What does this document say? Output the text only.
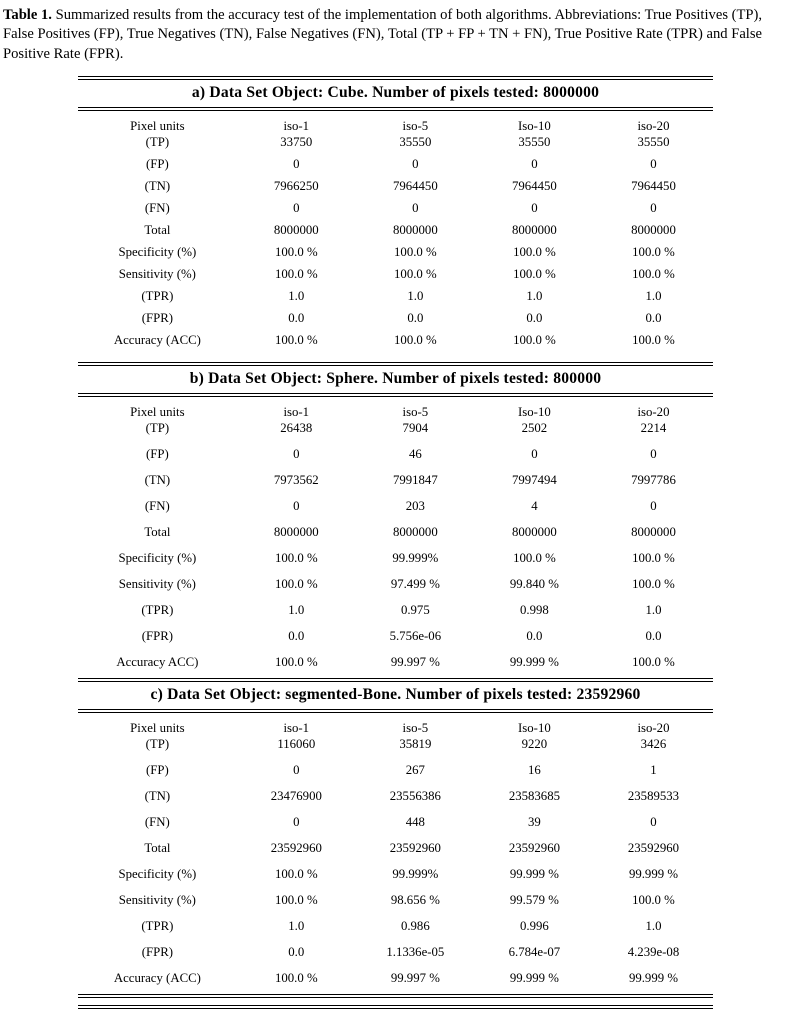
Table 1. Summarized results from the accuracy test of the implementation of both algorithms. Abbreviations: True Positives (TP), False Positives (FP), True Negatives (TN), False Negatives (FN), Total (TP + FP + TN + FN), True Positive Rate (TPR) and False Positive Rate (FPR).

a) Data Set Object: Cube. Number of pixels tested: 8000000
Pixel units	iso-1	iso-5	Iso-10	iso-20
(TP)	33750	35550	35550	35550
(FP)	0	0	0	0
(TN)	7966250	7964450	7964450	7964450
(FN)	0	0	0	0
Total	8000000	8000000	8000000	8000000
Specificity (%)	100.0 %	100.0 %	100.0 %	100.0 %
Sensitivity (%)	100.0 %	100.0 %	100.0 %	100.0 %
(TPR)	1.0	1.0	1.0	1.0
(FPR)	0.0	0.0	0.0	0.0
Accuracy (ACC)	100.0 %	100.0 %	100.0 %	100.0 %
b) Data Set Object: Sphere. Number of pixels tested: 800000
Pixel units	iso-1	iso-5	Iso-10	iso-20
(TP)	26438	7904	2502	2214
(FP)	0	46	0	0
(TN)	7973562	7991847	7997494	7997786
(FN)	0	203	4	0
Total	8000000	8000000	8000000	8000000
Specificity (%)	100.0 %	99.999%	100.0 %	100.0 %
Sensitivity (%)	100.0 %	97.499 %	99.840 %	100.0 %
(TPR)	1.0	0.975	0.998	1.0
(FPR)	0.0	5.756e-06	0.0	0.0
Accuracy ACC)	100.0 %	99.997 %	99.999 %	100.0 %
c) Data Set Object: segmented-Bone. Number of pixels tested: 23592960
Pixel units	iso-1	iso-5	Iso-10	iso-20
(TP)	116060	35819	9220	3426
(FP)	0	267	16	1
(TN)	23476900	23556386	23583685	23589533
(FN)	0	448	39	0
Total	23592960	23592960	23592960	23592960
Specificity (%)	100.0 %	99.999%	99.999 %	99.999 %
Sensitivity (%)	100.0 %	98.656 %	99.579 %	100.0 %
(TPR)	1.0	0.986	0.996	1.0
(FPR)	0.0	1.1336e-05	6.784e-07	4.239e-08
Accuracy (ACC)	100.0 %	99.997 %	99.999 %	99.999 %
